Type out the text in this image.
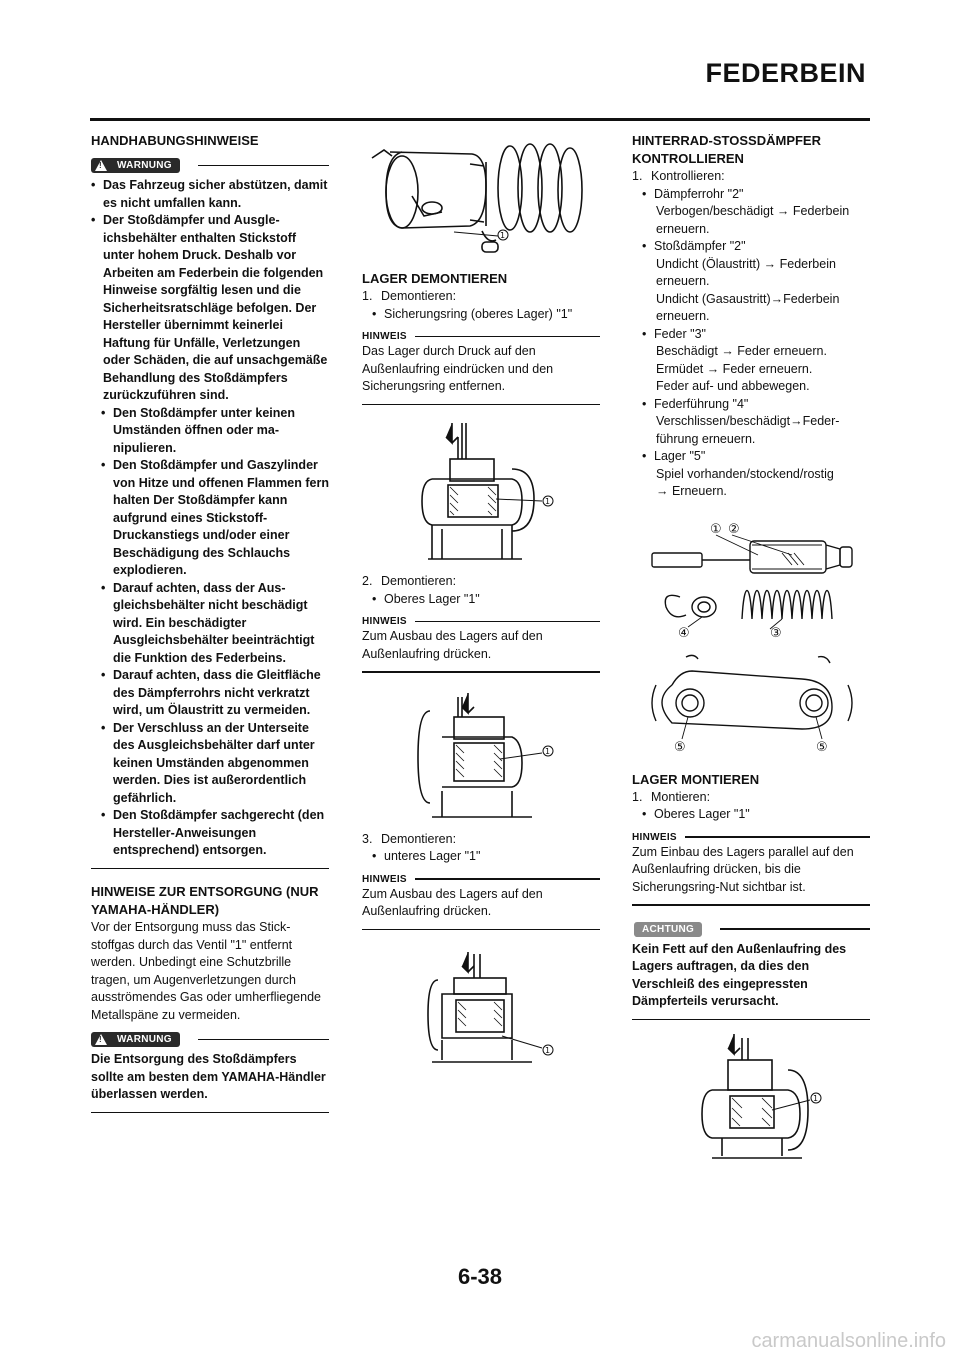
FEDERBEIN
HANDHABUNGSHINWEISE
!
WARNUNG
• Das Fahrzeug sicher abstützen, damit es nicht umfallen kann.
• Der Stoßdämpfer und Ausgleichsbehälter enthalten Stickstoff unter hohem Druck. Deshalb vor Arbeiten am Federbein die folgenden Hinweise sorgfältig lesen und die Sicherheitsratschläge befolgen. Der Hersteller übernimmt keinerlei Haftung für Unfälle, Verletzungen oder Schäden, die auf unsachgemäße Behandlung des Stoßdämpfers zurückzuführen sind.
• Den Stoßdämpfer unter keinen Umständen öffnen oder manipulieren.
• Den Stoßdämpfer und Gaszylinder von Hitze und offenen Flammen fern halten Der Stoßdämpfer kann aufgrund eines Stickstoff-Druckanstiegs und/oder einer Beschädigung des Schlauchs explodieren.
• Darauf achten, dass der Ausgleichsbehälter nicht beschädigt wird. Ein beschädigter Ausgleichsbehälter beeinträchtigt die Funktion des Federbeins.
• Darauf achten, dass die Gleitfläche des Dämpferrohrs nicht verkratzt wird, um Ölaustritt zu vermeiden.
• Der Verschluss an der Unterseite des Ausgleichsbehälter darf unter keinen Umständen abgenommen werden. Dies ist außerordentlich gefährlich.
• Den Stoßdämpfer sachgerecht (den Hersteller-Anweisungen entsprechend) entsorgen.
HINWEISE ZUR ENTSORGUNG (NUR YAMAHA-HÄNDLER)

Vor der Entsorgung muss das Stickstoffgas durch das Ventil "1" entfernt werden. Unbedingt eine Schutzbrille tragen, um Augenverletzungen durch ausströmendes Gas oder umherfliegende Metallspäne zu vermeiden.

!
WARNUNG

Die Entsorgung des Stoßdämpfers sollte am besten dem YAMAHA-Händler überlassen werden.

1
LAGER DEMONTIEREN
1. Demontieren:
• Sicherungsring (oberes Lager) "1"
HINWEIS

Das Lager durch Druck auf den Außenlaufring eindrücken und den Sicherungsring entfernen.

1
2. Demontieren:
• Oberes Lager "1"
HINWEIS

Zum Ausbau des Lagers auf den Außenlaufring drücken.

1
3. Demontieren:
• unteres Lager "1"
HINWEIS

Zum Ausbau des Lagers auf den Außenlaufring drücken.

1
HINTERRAD-STOSSDÄMPFER KONTROLLIEREN
1. Kontrollieren:
• Dämpferrohr "2"
Verbogen/beschädigt → Federbein erneuern.
• Stoßdämpfer "2"
Undicht (Ölaustritt) → Federbein erneuern.
Undicht (Gasaustritt)→Federbein erneuern.
• Feder "3"
Beschädigt → Feder erneuern.
Ermüdet → Feder erneuern.
Feder auf- und abbewegen.
• Federführung "4"
Verschlissen/beschädigt→Federführung erneuern.
• Lager "5"
Spiel vorhanden/stockend/rostig
→ Erneuern.
① ②
③
④
⑤	⑤
LAGER MONTIEREN
1. Montieren:
• Oberes Lager "1"
HINWEIS

Zum Einbau des Lagers parallel auf den Außenlaufring drücken, bis die Sicherungsring-Nut sichtbar ist.

ACHTUNG

Kein Fett auf den Außenlaufring des Lagers auftragen, da dies den Verschleiß des eingepressten Dämpferteils verursacht.

1
6-38
carmanualsonline.info
